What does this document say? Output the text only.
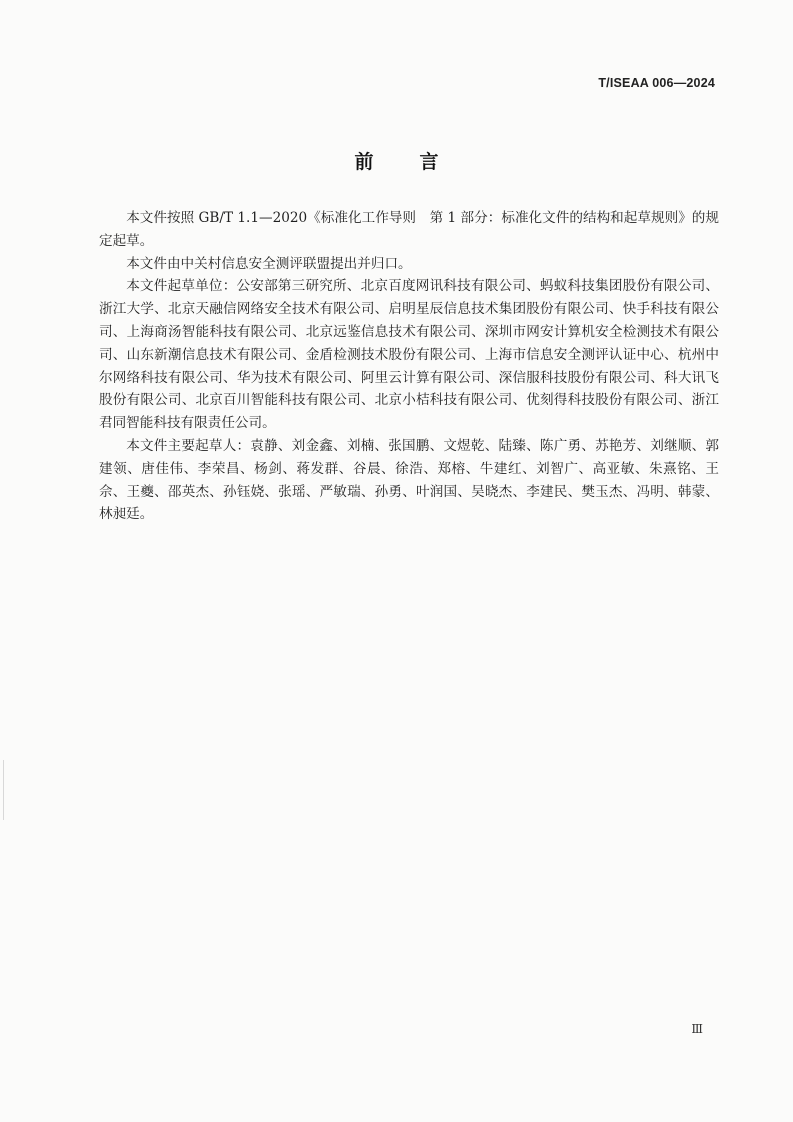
T/ISEAA 006—2024
前 言

本文件按照 GB/T 1.1—2020《标准化工作导则　第 1 部分：标准化文件的结构和起草规则》的规定起草。

本文件由中关村信息安全测评联盟提出并归口。

本文件起草单位：公安部第三研究所、北京百度网讯科技有限公司、蚂蚁科技集团股份有限公司、浙江大学、北京天融信网络安全技术有限公司、启明星辰信息技术集团股份有限公司、快手科技有限公司、上海商汤智能科技有限公司、北京远鉴信息技术有限公司、深圳市网安计算机安全检测技术有限公司、山东新潮信息技术有限公司、金盾检测技术股份有限公司、上海市信息安全测评认证中心、杭州中尔网络科技有限公司、华为技术有限公司、阿里云计算有限公司、深信服科技股份有限公司、科大讯飞股份有限公司、北京百川智能科技有限公司、北京小桔科技有限公司、优刻得科技股份有限公司、浙江君同智能科技有限责任公司。

本文件主要起草人：袁静、刘金鑫、刘楠、张国鹏、文煜乾、陆臻、陈广勇、苏艳芳、刘继顺、郭建领、唐佳伟、李荣昌、杨剑、蒋发群、谷晨、徐浩、郑榕、牛建红、刘智广、高亚敏、朱熹铭、王佘、王夔、邵英杰、孙钰娆、张瑶、严敏瑞、孙勇、叶润国、吴晓杰、李建民、樊玉杰、冯明、韩蒙、林昶廷。

Ⅲ
